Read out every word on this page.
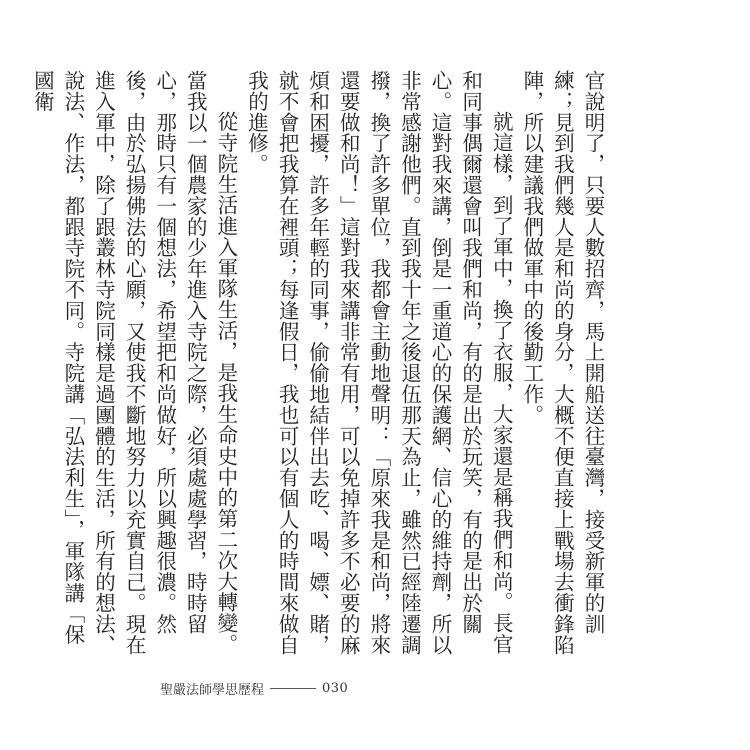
官說明了，只要人數招齊，馬上開船送往臺灣，接受新軍的訓練；見到我們幾人是和尚的身分，大概不便直接上戰場去衝鋒陷陣，所以建議我們做軍中的後勤工作。

就這樣，到了軍中，換了衣服，大家還是稱我們和尚。長官和同事偶爾還會叫我們和尚，有的是出於玩笑，有的是出於關心。這對我來講，倒是一重道心的保護網、信心的維持劑，所以非常感謝他們。直到我十年之後退伍那天為止，雖然已經陸遷調撥，換了許多單位，我都會主動地聲明：「原來我是和尚，將來還要做和尚！」這對我來講非常有用，可以免掉許多不必要的麻煩和困擾，許多年輕的同事，偷偷地結伴出去吃、喝、嫖、賭，就不會把我算在裡頭；每逢假日，我也可以有個人的時間來做自我的進修。

從寺院生活進入軍隊生活，是我生命史中的第二次大轉變。當我以一個農家的少年進入寺院之際，必須處處學習，時時留心，那時只有一個想法，希望把和尚做好，所以興趣很濃。然後，由於弘揚佛法的心願，又使我不斷地努力以充實自己。現在進入軍中，除了跟叢林寺院同樣是過團體的生活，所有的想法、說法、作法，都跟寺院不同。寺院講「弘法利生」，軍隊講「保國衛

聖嚴法師學思歷程	030
